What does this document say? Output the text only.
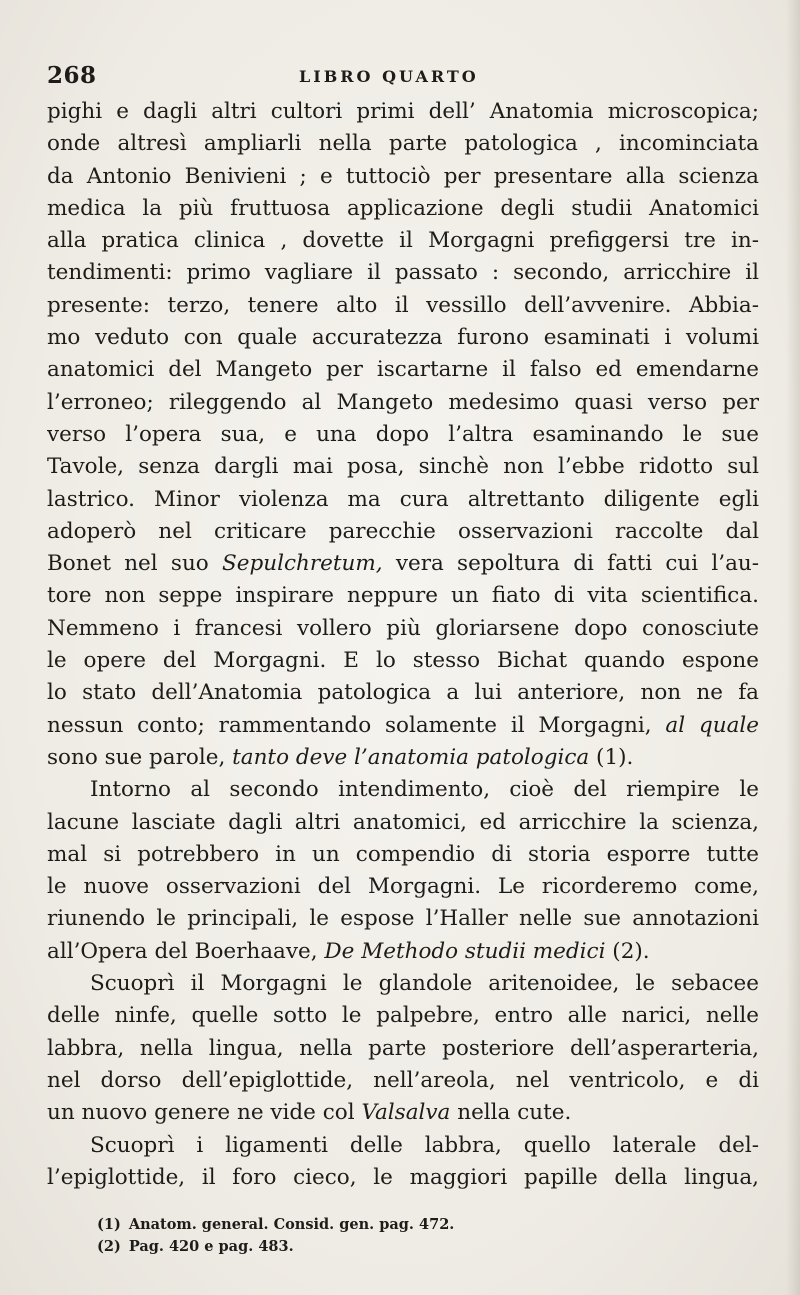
268	LIBRO QUARTO
pighi e dagli altri cultori primi dell’ Anatomia microscopica;
onde altresì ampliarli nella parte patologica , incominciata
da Antonio Benivieni ; e tuttociò per presentare alla scienza
medica la più fruttuosa applicazione degli studii Anatomici
alla pratica clinica , dovette il Morgagni prefiggersi tre in-
tendimenti: primo vagliare il passato : secondo, arricchire il
presente: terzo, tenere alto il vessillo dell’avvenire. Abbia-
mo veduto con quale accuratezza furono esaminati i volumi
anatomici del Mangeto per iscartarne il falso ed emendarne
l’erroneo; rileggendo al Mangeto medesimo quasi verso per
verso l’opera sua, e una dopo l’altra esaminando le sue
Tavole, senza dargli mai posa, sinchè non l’ebbe ridotto sul
lastrico. Minor violenza ma cura altrettanto diligente egli
adoperò nel criticare parecchie osservazioni raccolte dal
Bonet nel suo Sepulchretum, vera sepoltura di fatti cui l’au-
tore non seppe inspirare neppure un fiato di vita scientifica.
Nemmeno i francesi vollero più gloriarsene dopo conosciute
le opere del Morgagni. E lo stesso Bichat quando espone
lo stato dell’Anatomia patologica a lui anteriore, non ne fa
nessun conto; rammentando solamente il Morgagni, al quale
sono sue parole, tanto deve l’anatomia patologica (1).
Intorno al secondo intendimento, cioè del riempire le
lacune lasciate dagli altri anatomici, ed arricchire la scienza,
mal si potrebbero in un compendio di storia esporre tutte
le nuove osservazioni del Morgagni. Le ricorderemo come,
riunendo le principali, le espose l’Haller nelle sue annotazioni
all’Opera del Boerhaave, De Methodo studii medici (2).
Scuoprì il Morgagni le glandole aritenoidee, le sebacee
delle ninfe, quelle sotto le palpebre, entro alle narici, nelle
labbra, nella lingua, nella parte posteriore dell’asperarteria,
nel dorso dell’epiglottide, nell’areola, nel ventricolo, e di
un nuovo genere ne vide col Valsalva nella cute.
Scuoprì i ligamenti delle labbra, quello laterale del-
l’epiglottide, il foro cieco, le maggiori papille della lingua,
(1) Anatom. general. Consid. gen. pag. 472.
(2) Pag. 420 e pag. 483.
